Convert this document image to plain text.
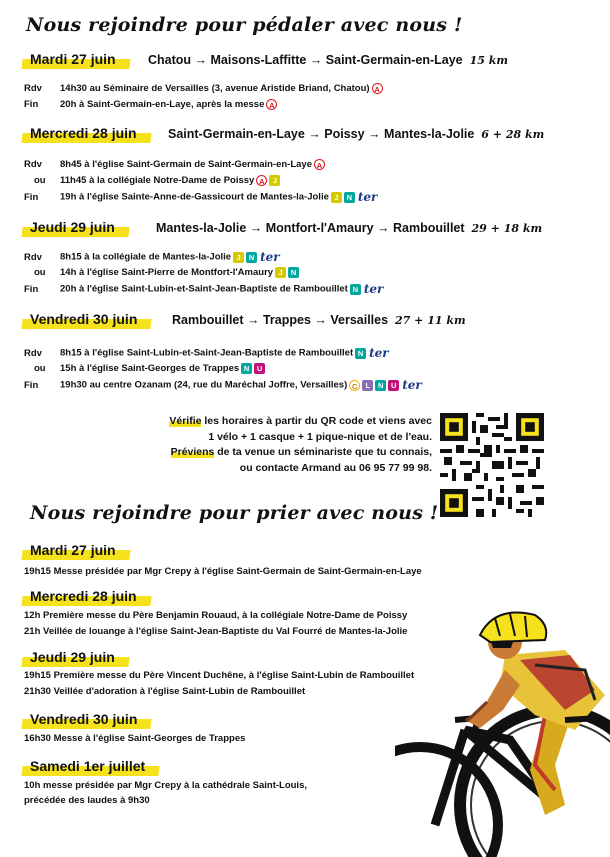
Nous rejoindre pour pédaler avec nous !
Mardi 27 juin	Chatou → Maisons-Laffitte → Saint-Germain-en-Laye 15 km
Rdv 14h30 au Séminaire de Versailles (3, avenue Aristide Briand, Chatou) A
Fin 20h à Saint-Germain-en-Laye, après la messe A
Mercredi 28 juin	Saint-Germain-en-Laye → Poissy → Mantes-la-Jolie 6 + 28 km
Rdv 8h45 à l'église Saint-Germain de Saint-Germain-en-Laye A
ou 11h45 à la collégiale Notre-Dame de Poissy A J
Fin 19h à l'église Sainte-Anne-de-Gassicourt de Mantes-la-Jolie J N ter
Jeudi 29 juin	Mantes-la-Jolie → Montfort-l'Amaury → Rambouillet 29 + 18 km
Rdv 8h15 à la collégiale de Mantes-la-Jolie J N ter
ou 14h à l'église Saint-Pierre de Montfort-l'Amaury J N
Fin 20h à l'église Saint-Lubin-et-Saint-Jean-Baptiste de Rambouillet N ter
Vendredi 30 juin	Rambouillet → Trappes → Versailles 27 + 11 km
Rdv 8h15 à l'église Saint-Lubin-et-Saint-Jean-Baptiste de Rambouillet N ter
ou 15h à l'église Saint-Georges de Trappes N U
Fin 19h30 au centre Ozanam (24, rue du Maréchal Joffre, Versailles) C L N U ter
Vérifie les horaires à partir du QR code et viens avec
1 vélo + 1 casque + 1 pique-nique et de l'eau.
Préviens de ta venue un séminariste que tu connais,
ou contacte Armand au 06 95 77 99 98.
Nous rejoindre pour prier avec nous !
Mardi 27 juin
19h15 Messe présidée par Mgr Crepy à l'église Saint-Germain de Saint-Germain-en-Laye
Mercredi 28 juin
12h Première messe du Père Benjamin Rouaud, à la collégiale Notre-Dame de Poissy
21h Veillée de louange à l'église Saint-Jean-Baptiste du Val Fourré de Mantes-la-Jolie
Jeudi 29 juin
19h15 Première messe du Père Vincent Duchêne, à l'église Saint-Lubin de Rambouillet
21h30 Veillée d'adoration à l'église Saint-Lubin de Rambouillet
Vendredi 30 juin
16h30 Messe à l'église Saint-Georges de Trappes
Samedi 1er juillet
10h messe présidée par Mgr Crepy à la cathédrale Saint-Louis,
précédée des laudes à 9h30
